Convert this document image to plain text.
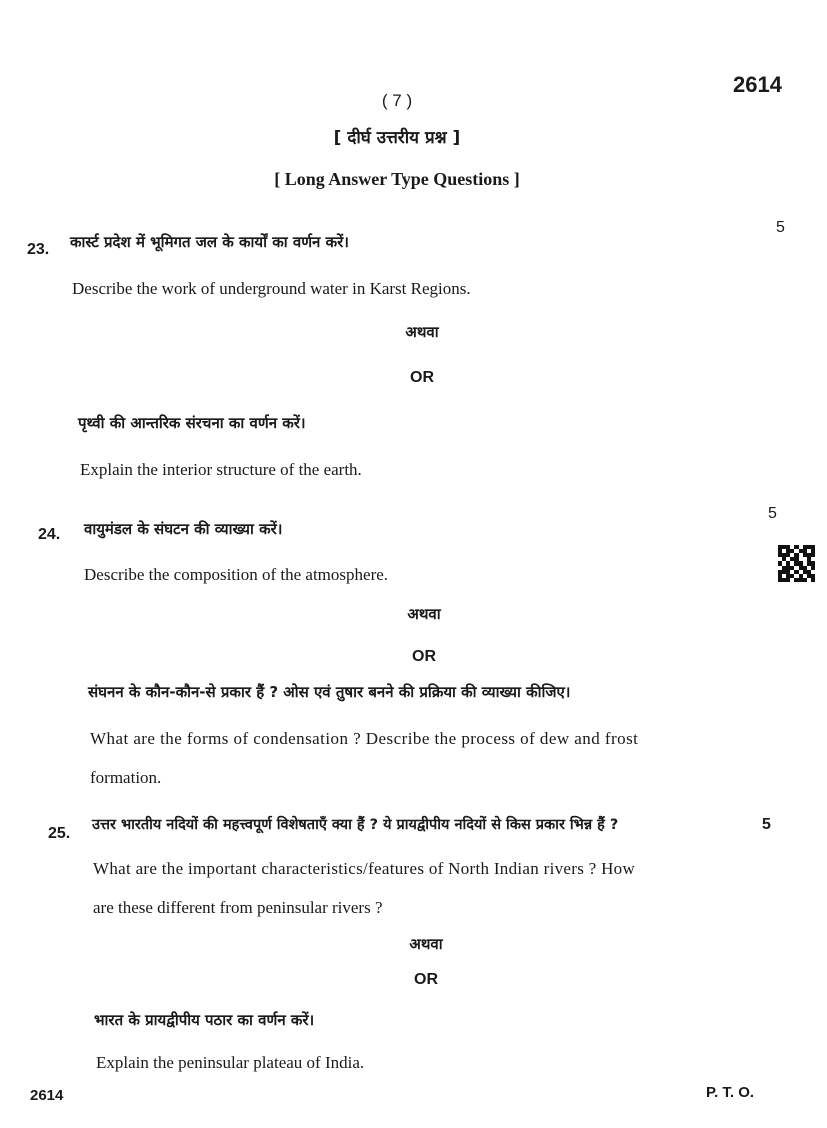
2614
( 7 )
[ दीर्घ उत्तरीय प्रश्न ]
[ Long Answer Type Questions ]
23. कार्स्ट प्रदेश में भूमिगत जल के कार्यों का वर्णन करें।
5
Describe the work of underground water in Karst Regions.
अथवा
OR
पृथ्वी की आन्तरिक संरचना का वर्णन करें।
Explain the interior structure of the earth.
24. वायुमंडल के संघटन की व्याख्या करें।
5
Describe the composition of the atmosphere.
अथवा
OR
संघनन के कौन-कौन-से प्रकार हैं ? ओस एवं तुषार बनने की प्रक्रिया की व्याख्या कीजिए।
What are the forms of condensation ? Describe the process of dew and frost
formation.
25. उत्तर भारतीय नदियों की महत्त्वपूर्ण विशेषताएँ क्या हैं ? ये प्रायद्वीपीय नदियों से किस प्रकार भिन्न हैं ?	5
What are the important characteristics/features of North Indian rivers ? How
are these different from peninsular rivers ?
अथवा
OR
भारत के प्रायद्वीपीय पठार का वर्णन करें।
Explain the peninsular plateau of India.
2614	P. T. O.
